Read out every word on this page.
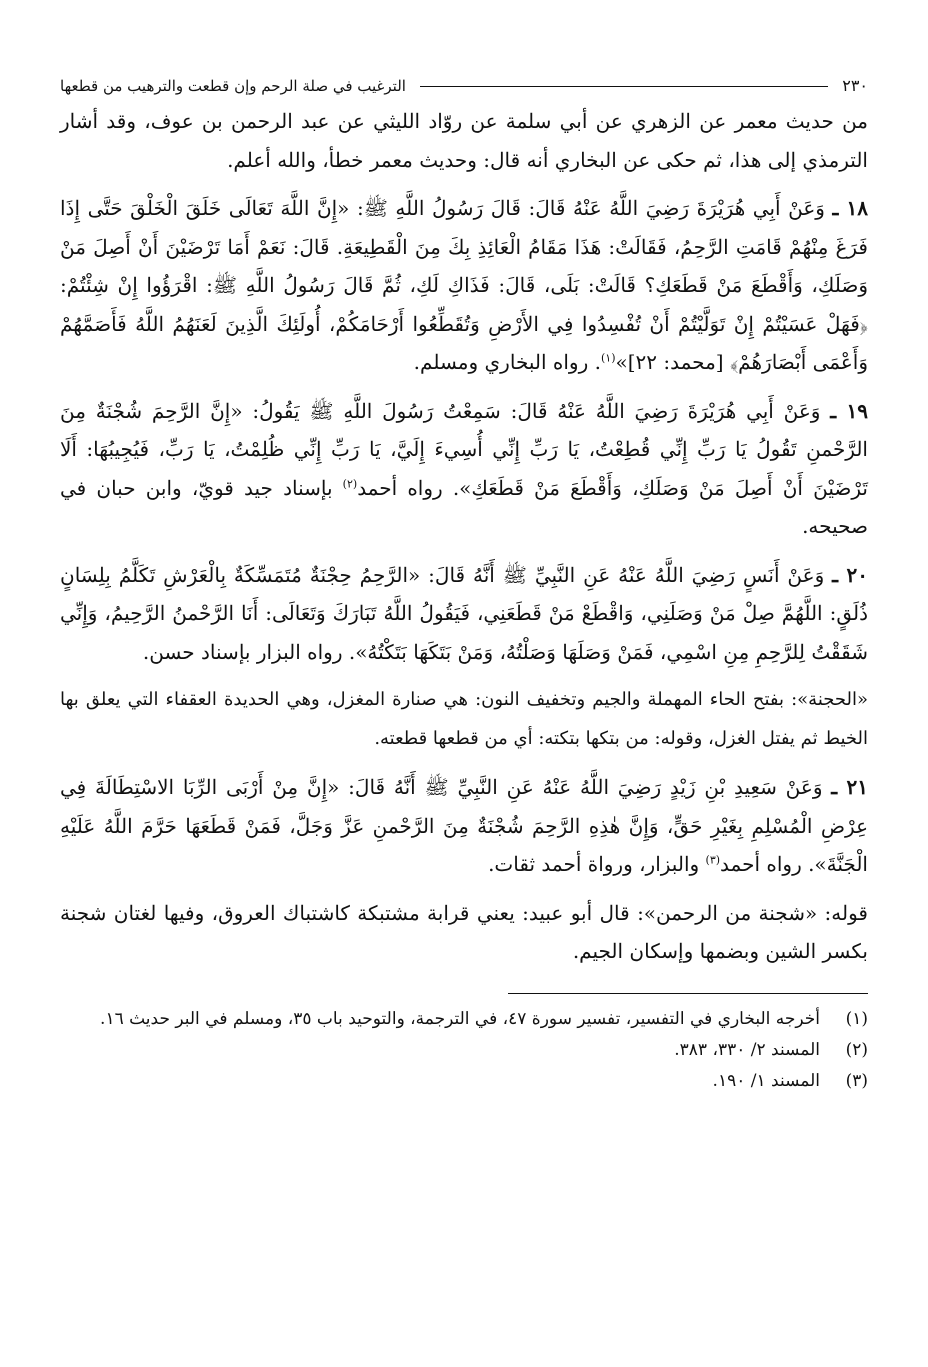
٢٣٠
الترغيب في صلة الرحم وإن قطعت والترهيب من قطعها
من حديث معمر عن الزهري عن أبي سلمة عن روّاد الليثي عن عبد الرحمن بن عوف، وقد أشار الترمذي إلى هذا، ثم حكى عن البخاري أنه قال: وحديث معمر خطأ، والله أعلم.
١٨ ـ وَعَنْ أَبِي هُرَيْرَةَ رَضِيَ اللَّهُ عَنْهُ قَالَ: قَالَ رَسُولُ اللَّهِ ﷺ: «إِنَّ اللَّهَ تَعَالَى خَلَقَ الْخَلْقَ حَتَّى إِذَا فَرَغَ مِنْهُمْ قَامَتِ الرَّحِمُ، فَقَالَتْ: هَذَا مَقَامُ الْعَائِذِ بِكَ مِنَ الْقَطِيعَةِ. قَالَ: نَعَمْ أَمَا تَرْضَيْنَ أَنْ أَصِلَ مَنْ وَصَلَكِ، وَأَقْطَعَ مَنْ قَطَعَكِ؟ قَالَتْ: بَلَى، قَالَ: فَذَاكِ لَكِ، ثُمَّ قَالَ رَسُولُ اللَّهِ ﷺ: اقْرَؤُوا إِنْ شِئْتُمْ: ﴿فَهَلْ عَسَيْتُمْ إِنْ تَوَلَّيْتُمْ أَنْ تُفْسِدُوا فِي الأَرْضِ وَتُقَطِّعُوا أَرْحَامَكُمْ، أُولَئِكَ الَّذِينَ لَعَنَهُمُ اللَّهُ فَأَصَمَّهُمْ وَأَعْمَى أَبْصَارَهُمْ﴾ [محمد: ٢٢]»$^{(١)}$. رواه البخاري ومسلم.
١٩ ـ وَعَنْ أَبِي هُرَيْرَةَ رَضِيَ اللَّهُ عَنْهُ قَالَ: سَمِعْتُ رَسُولَ اللَّهِ ﷺ يَقُولُ: «إِنَّ الرَّحِمَ شُجْنَةٌ مِنَ الرَّحْمنِ تَقُولُ يَا رَبِّ إِنِّي قُطِعْتُ، يَا رَبِّ إِنِّي أُسِيءَ إِلَيَّ، يَا رَبِّ إِنِّي ظُلِمْتُ، يَا رَبِّ، فَيُجِيبُهَا: أَلَا تَرْضَيْنَ أَنْ أَصِلَ مَنْ وَصَلَكِ، وَأَقْطَعَ مَنْ قَطَعَكِ». رواه أحمد$^{(٢)}$ بإسناد جيد قويّ، وابن حبان في صحيحه.
٢٠ ـ وَعَنْ أَنَسٍ رَضِيَ اللَّهُ عَنْهُ عَنِ النَّبِيِّ ﷺ أَنَّهُ قَالَ: «الرَّحِمُ حِجْنَةٌ مُتَمَسِّكَةٌ بِالْعَرْشِ تَكَلَّمُ بِلِسَانٍ ذُلَقٍ: اللَّهُمَّ صِلْ مَنْ وَصَلَنِي، وَاقْطَعْ مَنْ قَطَعَنِي، فَيَقُولُ اللَّهُ تَبَارَكَ وَتَعَالَى: أَنَا الرَّحْمنُ الرَّحِيمُ، وَإِنِّي شَقَقْتُ لِلرَّحِمِ مِنِ اسْمِي، فَمَنْ وَصَلَهَا وَصَلْتُهُ، وَمَنْ بَتَكَهَا بَتَكْتُهُ». رواه البزار بإسناد حسن.
«الحجنة»: بفتح الحاء المهملة والجيم وتخفيف النون: هي صنارة المغزل، وهي الحديدة العقفاء التي يعلق بها الخيط ثم يفتل الغزل، وقوله: من بتكها بتكته: أي من قطعها قطعته.
٢١ ـ وَعَنْ سَعِيدِ بْنِ زَيْدٍ رَضِيَ اللَّهُ عَنْهُ عَنِ النَّبِيِّ ﷺ أَنَّهُ قَالَ: «إِنَّ مِنْ أَرْبَى الرِّبَا الاسْتِطَالَةَ فِي عِرْضِ الْمُسْلِمِ بِغَيْرِ حَقٍّ، وَإِنَّ هٰذِهِ الرَّحِمَ شُجْنَةٌ مِنَ الرَّحْمنِ عَزَّ وَجَلَّ، فَمَنْ قَطَعَهَا حَرَّمَ اللَّهُ عَلَيْهِ الْجَنَّةَ». رواه أحمد$^{(٣)}$ والبزار، ورواة أحمد ثقات.
قوله: «شجنة من الرحمن»: قال أبو عبيد: يعني قرابة مشتبكة كاشتباك العروق، وفيها لغتان شجنة بكسر الشين وبضمها وإسكان الجيم.
(١)
أخرجه البخاري في التفسير، تفسير سورة ٤٧، في الترجمة، والتوحيد باب ٣٥، ومسلم في البر حديث ١٦.
(٢)
المسند ٢/ ٣٣٠، ٣٨٣.
(٣)
المسند ١/ ١٩٠.
